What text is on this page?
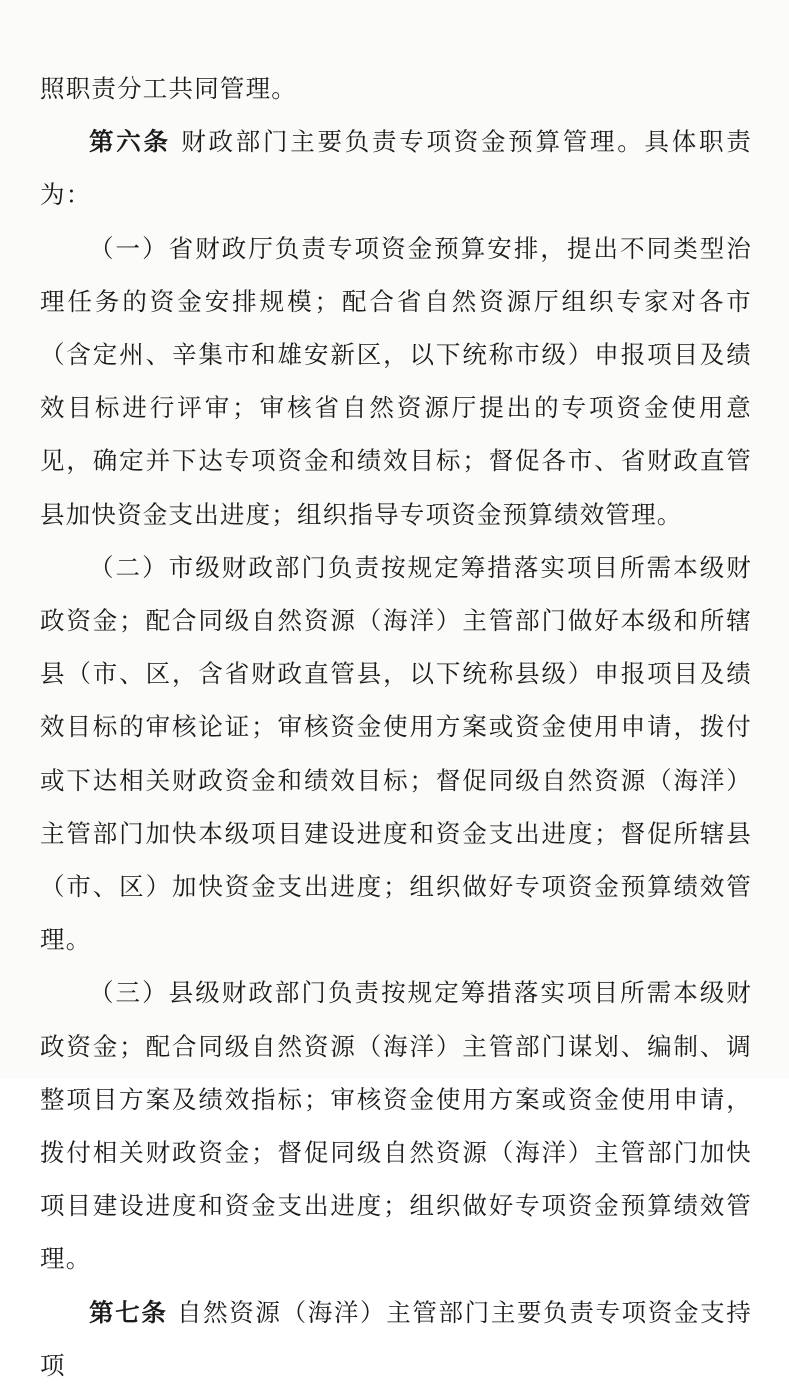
照职责分工共同管理。

第六条 财政部门主要负责专项资金预算管理。具体职责为：

（一）省财政厅负责专项资金预算安排，提出不同类型治理任务的资金安排规模；配合省自然资源厅组织专家对各市（含定州、辛集市和雄安新区，以下统称市级）申报项目及绩效目标进行评审；审核省自然资源厅提出的专项资金使用意见，确定并下达专项资金和绩效目标；督促各市、省财政直管县加快资金支出进度；组织指导专项资金预算绩效管理。

（二）市级财政部门负责按规定筹措落实项目所需本级财政资金；配合同级自然资源（海洋）主管部门做好本级和所辖县（市、区，含省财政直管县，以下统称县级）申报项目及绩效目标的审核论证；审核资金使用方案或资金使用申请，拨付或下达相关财政资金和绩效目标；督促同级自然资源（海洋）主管部门加快本级项目建设进度和资金支出进度；督促所辖县（市、区）加快资金支出进度；组织做好专项资金预算绩效管理。

（三）县级财政部门负责按规定筹措落实项目所需本级财政资金；配合同级自然资源（海洋）主管部门谋划、编制、调整项目方案及绩效指标；审核资金使用方案或资金使用申请，拨付相关财政资金；督促同级自然资源（海洋）主管部门加快项目建设进度和资金支出进度；组织做好专项资金预算绩效管理。

第七条 自然资源（海洋）主管部门主要负责专项资金支持项
